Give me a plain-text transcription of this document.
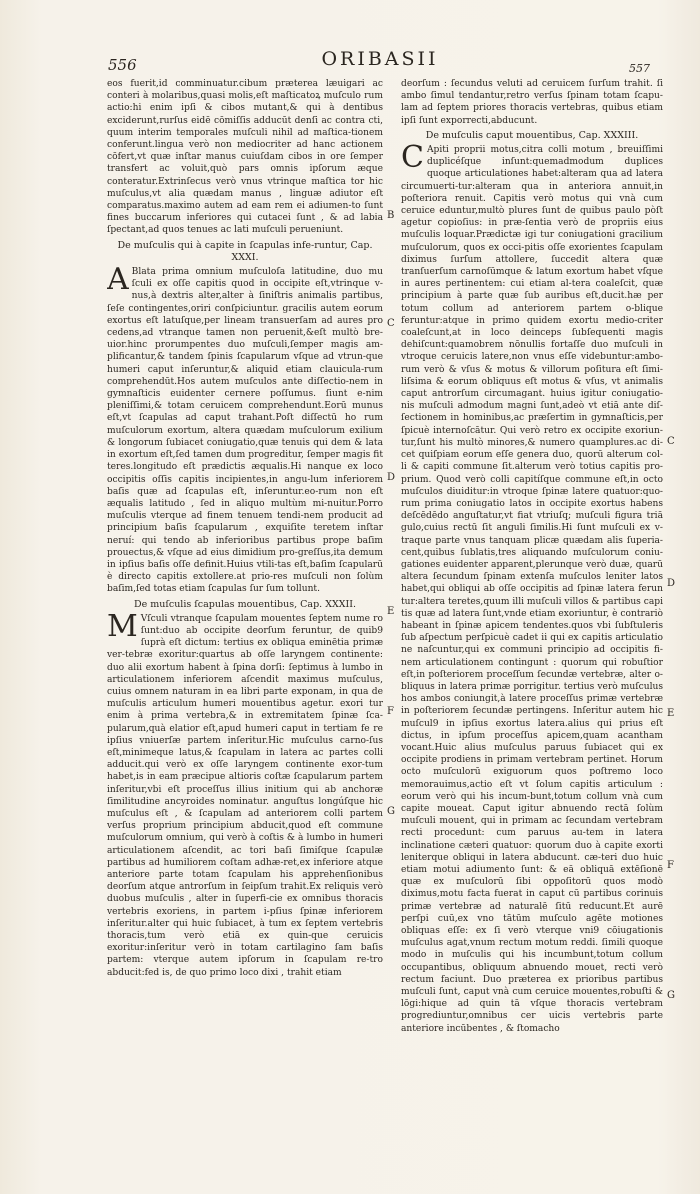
556	ORIBASII	557

eos fuerit,id comminuatur.cibum præterea læuigari ac conteri à molaribus,quasi molis,eſt maſticatoꝝ muſculo rum actio:hi enim ipſi & cibos mutant,& qui à dentibus exciderunt,rurſus eidē cōmiſſis adducūt denſi ac contra cti, quum interim temporales muſculi nihil ad maſtica-tionem conferunt.lingua verò non mediocriter ad hanc actionem cōfert,vt quæ inſtar manus cuiuſdam cibos in ore ſemper transfert ac voluit,quò pars omnis ipſorum æque conteratur.Extrinſecus verò vnus vtrinque maſtica tor hic muſculus,vt alia quædam manus , linguæ adiutor eſt comparatus.maximo autem ad eam rem ei adiumen-to ſunt fines buccarum inferiores qui cutacei ſunt , & ad labia ſpectant,ad quos tenues ac lati muſculi perueniunt.

De muſculis qui à capite in ſcapulas infe-runtur, Cap. XXXI.

A Blata prima omnium muſculoſa latitudine, duo mu ſculi ex oſſe capitis quod in occipite eſt,vtrinque v-nus,à dextris alter,alter à ſiniſtris animalis partibus, ſeſe contingentes,oriri conſpiciuntur. gracilis autem eorum exortus eſt latuſque,per lineam transuerſam ad aures pro cedens,ad vtranque tamen non peruenit,&eſt multò bre-uior.hinc prorumpentes duo muſculi,ſemper magis am-plificantur,& tandem ſpinis ſcapularum vſque ad vtrun-que humeri caput inſeruntur,& aliquid etiam clauicula-rum comprehendūt.Hos autem muſculos ante diſſectio-nem in gymnaſticis euidenter cernere poſſumus. ſiunt e-nim pleniſſimi,& totam ceruicem comprehendunt.Eorū munus eſt,vt ſcapulas ad caput trahant.Poſt diſſectū ho rum muſculorum exortum, altera quædam muſculorum exilium & longorum ſubiacet coniugatio,quæ tenuis qui dem & lata in exortum eſt,ſed tamen dum progreditur, ſemper magis fit teres.longitudo eſt prædictis æqualis.Hi nanque ex loco occipitis oſſis capitis incipientes,in angu-lum inferiorem baſis quæ ad ſcapulas eſt, inſeruntur.eo-rum non eſt æqualis latitudo , ſed in aliquo multùm mi-nuitur.Porro muſculis vterque ad finem tenuem tendi-nem producit ad principium baſis ſcapularum , exquiſite teretem inſtar neruí: qui tendo ab inferioribus partibus prope baſim prouectus,& vſque ad eius dimidium pro-greſſus,ita demum in ipſius baſis oſſe definit.Huius vtili-tas eſt,baſim ſcapularū è directo capitis extollere.at prio-res muſculi non ſolùm baſim,ſed totas etiam ſcapulas ſur ſum tollunt.

De muſculis ſcapulas mouentibus, Cap. XXXII.

M Vſculi vtranque ſcapulam mouentes ſeptem nume ro ſunt:duo ab occipite deorſum feruntur, de quib9 ſuprà eſt dictum: tertius ex obliqua eminētia primæ ver-tebræ exoritur:quartus ab oſſe laryngem continente: duo alii exortum habent à ſpina dorſi: ſeptimus à lumbo in articulationem inferiorem aſcendit maximus muſculus, cuius omnem naturam in ea libri parte exponam, in qua de muſculis articulum humeri mouentibus agetur. exori tur enim à prima vertebra,& in extremitatem ſpinæ ſca-pularum,quà elatior eſt,apud humeri caput in tertiam fe re ipſius vniuerſæ partem inſeritur.Hic muſculus carno-ſus eſt,minimeque latus,& ſcapulam in latera ac partes colli adducit.qui verò ex oſſe laryngem continente exor-tum habet,is in eam præcipue altioris coſtæ ſcapularum partem inſeritur,vbi eſt proceſſus illius initium qui ab anchoræ ſimilitudine ancyroides nominatur. anguſtus longúſque hic muſculus eſt , & ſcapulam ad anteriorem colli partem verſus proprium principium abducit,quod eſt commune muſculorum omnium, qui verò à coſtis & à lumbo in humeri articulationem aſcendit, ac tori baſi ſimiſque ſcapulæ partibus ad humiliorem coſtam adhæ-ret,ex inferiore atque anteriore parte totam ſcapulam his apprehenſionibus deorſum atque antrorſum in ſeipſum trahit.Ex reliquis verò duobus muſculis , alter in ſuperfi-cie ex omnibus thoracis vertebris exoriens, in partem i-pſius ſpinæ inferiorem inſeritur.alter qui huic ſubiacet, à tum ex ſeptem vertebris thoracis,tum verò etiā ex quin-que ceruicis exoritur:inſeritur verò in totam cartilagino ſam baſis partem: vterque autem ipſorum in ſcapulam re-tro abducit:fed is, de quo primo loco dixi , trahit etiam

deorſum : ſecundus veluti ad ceruicem ſurſum trahit. ſi ambo ſimul tendantur,retro verſus ſpinam totam ſcapu-lam ad ſeptem priores thoracis vertebras, quibus etiam ipſi ſunt exporrecti,abducunt.

De muſculis caput mouentibus, Cap. XXXIII.

C Apiti proprii motus,citra colli motum , breuiſſimi duplicéſque inſunt:quemadmodum duplices quoque articulationes habet:alteram qua ad latera circumuerti-tur:alteram qua in anteriora annuit,in poſteriora renuit. Capitis verò motus qui vnà cum ceruice eduntur,multò plures ſunt de quibus paulo pòſt agetur copioſius: in præ-ſentia verò de propriis eius muſculis loquar.Prædictæ igi tur coniugationi gracilium muſculorum, quos ex occi-pitis oſſe exorientes ſcapulam diximus ſurſum attollere, ſuccedit altera quæ tranſuerſum carnoſūmque & latum exortum habet vſque in aures pertinentem: cui etiam al-tera coaleſcit, quæ principium à parte quæ ſub auribus eſt,ducit.hæ per totum collum ad anteriorem partem o-blique feruntur:atque in primo quidem exortu medio-criter coaleſcunt,at in loco deinceps ſubſequenti magis dehiſcunt:quamobrem nōnullis fortaſſe duo muſculi in vtroque ceruicis latere,non vnus eſſe videbuntur:ambo-rum verò & vſus & motus & villorum poſitura eſt ſimi-liſsima & eorum obliquus eſt motus & vſus, vt animalis caput antrorſum circumagant. huius igitur coniugatio-nis muſculi admodum magni ſunt,adeò vt etiā ante diſ-ſectionem in hominibus,ac præſertim in gymnaſticis,per ſpicuè internoſcātur. Qui verò retro ex occipite exoriun-tur,ſunt his multò minores,& numero quamplures.ac di-cet quiſpiam eorum eſſe genera duo, quorū alterum col-li & capiti commune ſit.alterum verò totius capitis pro-prium. Quod verò colli capitíſque commune eſt,in octo muſculos diuiditur:in vtroque ſpinæ latere quatuor:quo-rum prima coniugatio latos in occipite exortus habens deſcēdēdo anguſtatur,vt fiat vtriuſq; muſculi figura triā gulo,cuius rectū ſit anguli ſimilis.Hi ſunt muſculi ex v-traque parte vnus tanquam plicæ quædam alis ſuperia-cent,quibus ſublatis,tres aliquando muſculorum coniu-gationes euidenter apparent,plerunque verò duæ, quarū altera ſecundum ſpinam extenſa muſculos leniter latos habet,qui obliqui ab oſſe occipitis ad ſpinæ latera ferun tur:altera teretes,quum illi muſculi villos & partibus capi tis quæ ad latera ſunt,vnde etiam exoriuntur, è contrariò habeant in ſpinæ apicem tendentes.quos vbi ſubſtuleris ſub aſpectum perſpicuè cadet ii qui ex capitis articulatio ne naſcuntur,qui ex communi principio ad occipitis fi-nem articulationem contingunt : quorum qui robuſtior eſt,in poſteriorem proceſſum ſecundæ vertebræ, alter o-bliquus in latera primæ porrigitur. tertius verò muſculus hos ambos coniungit,à latere proceſſus primæ vertebræ in poſteriorem ſecundæ pertingens. Inſeritur autem hic muſcul9 in ipſius exortus latera.alius qui prius eſt dictus, in ipſum proceſſus apicem,quam acantham vocant.Huic alius muſculus paruus ſubiacet qui ex occipite prodiens in primam vertebram pertinet. Horum octo muſculorū exiguorum quos poſtremo loco memorauimus,actio eſt vt ſolum capitis articulum : eorum verò qui his incum-bunt,totum collum vnà cum capite moueat. Caput igitur abnuendo rectā ſolùm muſculi mouent, qui in primam ac ſecundam vertebram recti procedunt: cum paruus au-tem in latera inclinatione cæteri quatuor: quorum duo à capite exorti leniterque obliqui in latera abducunt. cæ-teri duo huic etiam motui adiumento ſunt: & eā obliquā extēſionē quæ ex muſculorū ſibi oppoſitorū quos modò diximus,motu facta fuerat in caput cū partibus corinuis primæ vertebræ ad naturalē ſitū reducunt.Et aurē perſpi cuū,ex vno tātūm muſculo agēte motiones obliquas eſſe: ex ſi verò vterque vni9 cōiugationis muſculus agat,vnum rectum motum reddi. ſimili quoque modo in muſculis qui his incumbunt,totum collum occupantibus, obliquum abnuendo mouet, recti verò rectum faciunt. Duo præterea ex prioribus partibus muſculi ſunt, caput vnà cum ceruice mouentes,robuſti & lōgi:hique ad quin tā vſque thoracis vertebram progrediuntur,omnibus cer uicis vertebris parte anteriore incūbentes , & ſtomacho

B
C
D
E
F
G
C
D
E
F
G
